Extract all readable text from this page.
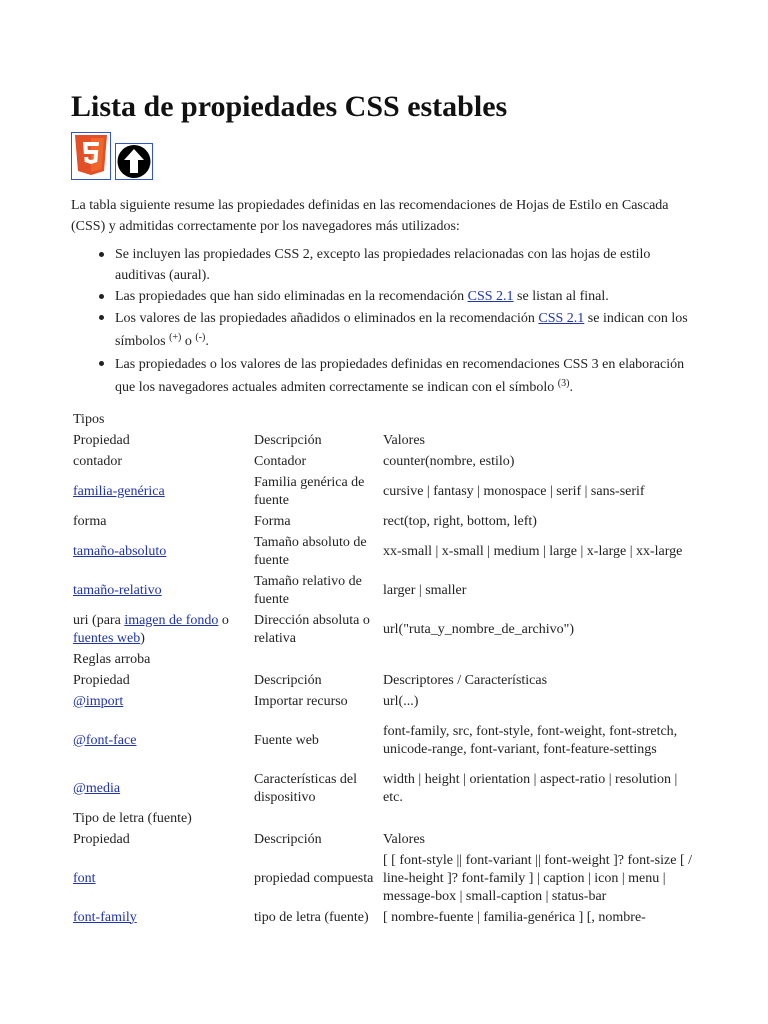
Lista de propiedades CSS estables

La tabla siguiente resume las propiedades definidas en las recomendaciones de Hojas de Estilo en Cascada (CSS) y admitidas correctamente por los navegadores más utilizados:

Se incluyen las propiedades CSS 2, excepto las propiedades relacionadas con las hojas de estilo auditivas (aural).
Las propiedades que han sido eliminadas en la recomendación CSS 2.1 se listan al final.
Los valores de las propiedades añadidos o eliminados en la recomendación CSS 2.1 se indican con los símbolos (+) o (-).
Las propiedades o los valores de las propiedades definidas en recomendaciones CSS 3 en elaboración que los navegadores actuales admiten correctamente se indican con el símbolo $^{(3)}$.
Tipos		
Propiedad	Descripción	Valores
contador	Contador	counter(nombre, estilo)
familia-genérica	Familia genérica de fuente	cursive | fantasy | monospace | serif | sans-serif
forma	Forma	rect(top, right, bottom, left)
tamaño-absoluto	Tamaño absoluto de fuente	xx-small | x-small | medium | large | x-large | xx-large
tamaño-relativo	Tamaño relativo de fuente	larger | smaller
uri (para imagen de fondo o fuentes web)	Dirección absoluta o relativa	url("ruta_y_nombre_de_archivo")
Reglas arroba		
Propiedad	Descripción	Descriptores / Características
@import	Importar recurso	url(...)
@font-face	Fuente web	font-family, src, font-style, font-weight, font-stretch, unicode-range, font-variant, font-feature-settings
@media	Características del dispositivo	width | height | orientation | aspect-ratio | resolution | etc.
Tipo de letra (fuente)		
Propiedad	Descripción	Valores
font	propiedad compuesta	[ [ font-style || font-variant || font-weight ]? font-size [ / line-height ]? font-family ] | caption | icon | menu | message-box | small-caption | status-bar
font-family	tipo de letra (fuente)	[ nombre-fuente | familia-genérica ] [, nombre-
